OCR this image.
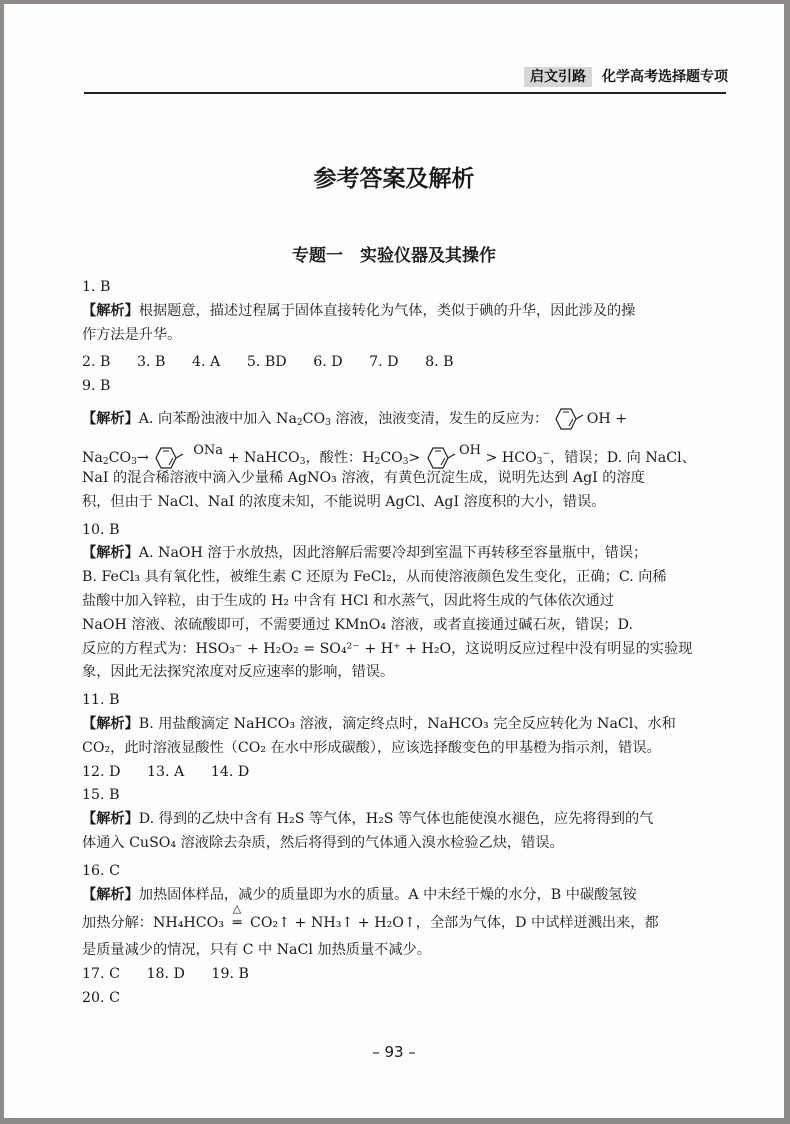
启文引路	化学高考选择题专项
参考答案及解析
专题一　实验仪器及其操作
1. B
【解析】根据题意，描述过程属于固体直接转化为气体，类似于碘的升华，因此涉及的操
作方法是升华。
2. B 3. B 4. A 5. BD 6. D 7. D 8. B
9. B
【解析】A. 向苯酚浊液中加入 $Na_2CO_3$ 溶液，浊液变清，发生的反应为：	OH +
$Na_2CO_3\to$	$^{ONa}$ + NaHCO$_3$，酸性：$H_2CO_3>$	$^{OH} > HCO_3^-$，错误；D. 向 NaCl、
NaI 的混合稀溶液中滴入少量稀 AgNO₃ 溶液，有黄色沉淀生成，说明先达到 AgI 的溶度
积，但由于 NaCl、NaI 的浓度未知，不能说明 AgCl、AgI 溶度积的大小，错误。
10. B
【解析】A. NaOH 溶于水放热，因此溶解后需要冷却到室温下再转移至容量瓶中，错误；
B. FeCl₃ 具有氧化性，被维生素 C 还原为 FeCl₂，从而使溶液颜色发生变化，正确；C. 向稀
盐酸中加入锌粒，由于生成的 H₂ 中含有 HCl 和水蒸气，因此将生成的气体依次通过
NaOH 溶液、浓硫酸即可，不需要通过 KMnO₄ 溶液，或者直接通过碱石灰，错误；D.
反应的方程式为：HSO₃⁻ + H₂O₂ = SO₄²⁻ + H⁺ + H₂O，这说明反应过程中没有明显的实验现
象，因此无法探究浓度对反应速率的影响，错误。
11. B
【解析】B. 用盐酸滴定 NaHCO₃ 溶液，滴定终点时，NaHCO₃ 完全反应转化为 NaCl、水和
CO₂，此时溶液显酸性（CO₂ 在水中形成碳酸），应该选择酸变色的甲基橙为指示剂，错误。
12. D 13. A 14. D
15. B
【解析】D. 得到的乙炔中含有 H₂S 等气体，H₂S 等气体也能使溴水褪色，应先将得到的气
体通入 CuSO₄ 溶液除去杂质，然后将得到的气体通入溴水检验乙炔，错误。
16. C
【解析】加热固体样品，减少的质量即为水的质量。A 中未经干燥的水分，B 中碳酸氢铵
加热分解：NH₄HCO₃
△
═ CO₂↑ + NH₃↑ + H₂O↑，全部为气体，D 中试样迸溅出来，都
是质量减少的情况，只有 C 中 NaCl 加热质量不减少。
17. C 18. D 19. B
20. C
– 93 –
